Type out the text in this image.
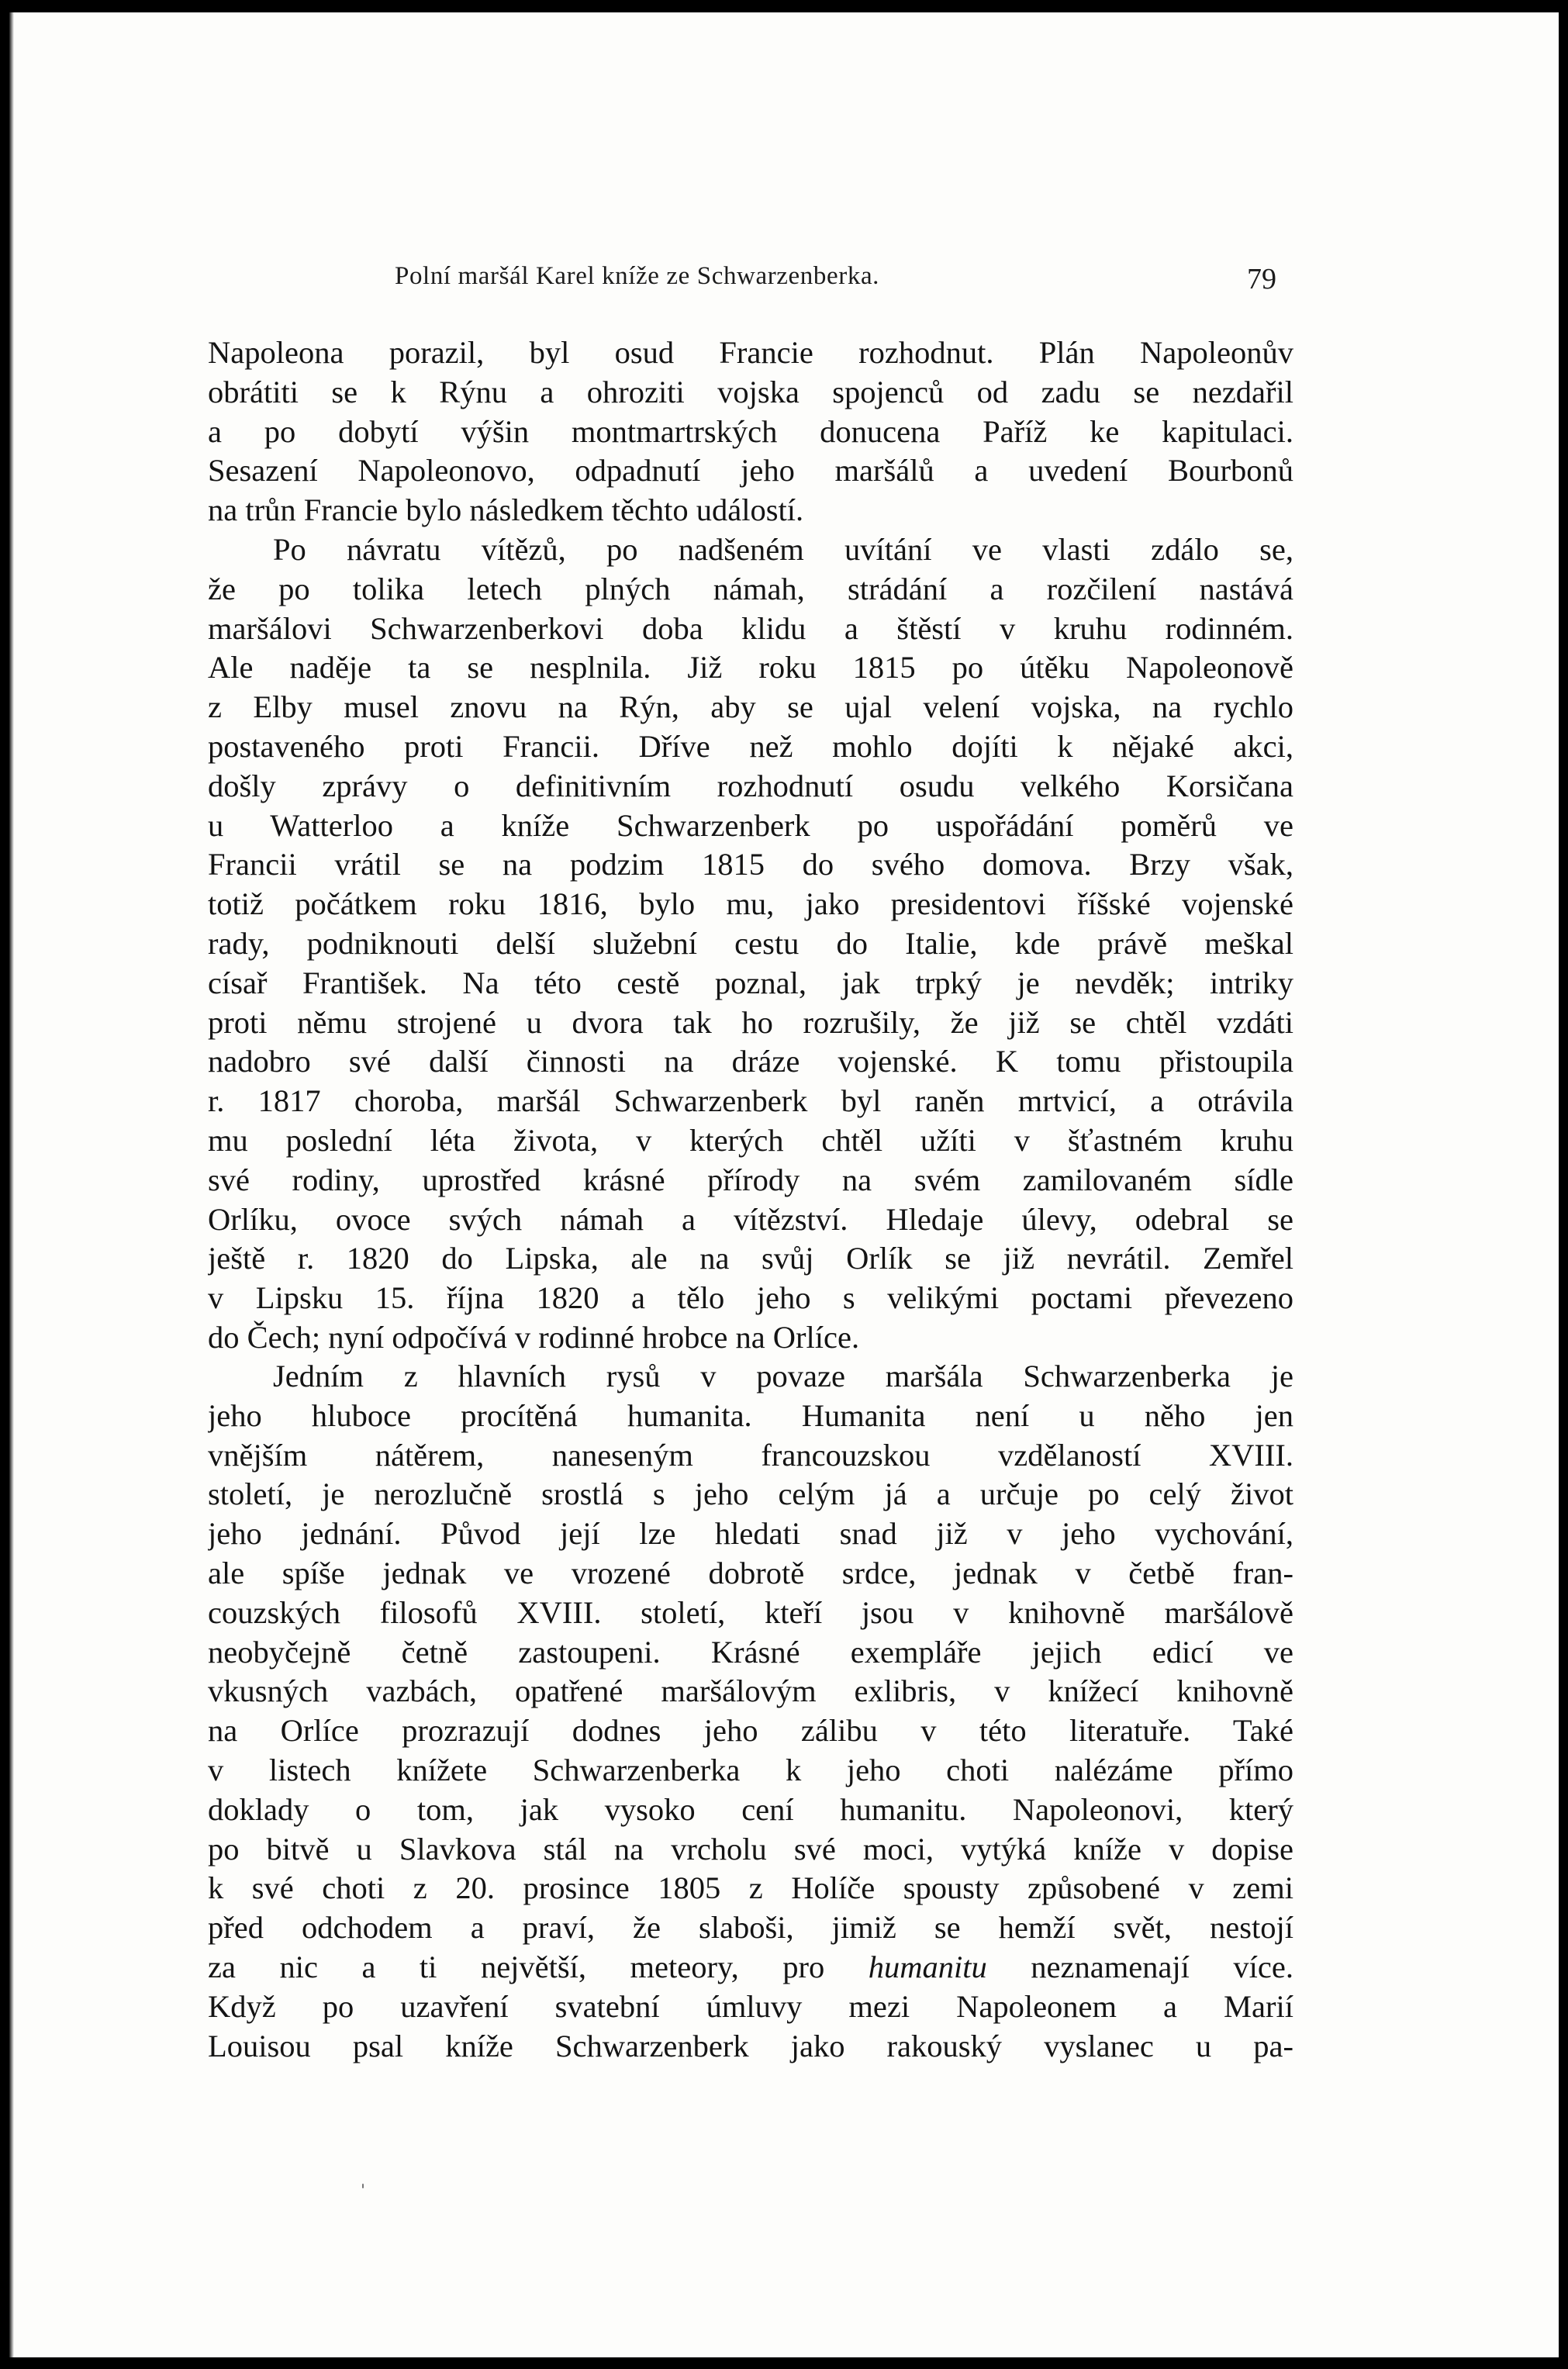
Polní maršál Karel kníže ze Schwarzenberka.	79
Napoleona porazil, byl osud Francie rozhodnut. Plán Napoleonův
obrátiti se k Rýnu a ohroziti vojska spojenců od zadu se nezdařil
a po dobytí výšin montmartrských donucena Paříž ke kapitulaci.
Sesazení Napoleonovo, odpadnutí jeho maršálů a uvedení Bourbonů
na trůn Francie bylo následkem těchto událostí.
Po návratu vítězů, po nadšeném uvítání ve vlasti zdálo se,
že po tolika letech plných námah, strádání a rozčilení nastává
maršálovi Schwarzenberkovi doba klidu a štěstí v kruhu rodinném.
Ale naděje ta se nesplnila. Již roku 1815 po útěku Napoleonově
z Elby musel znovu na Rýn, aby se ujal velení vojska, na rychlo
postaveného proti Francii. Dříve než mohlo dojíti k nějaké akci,
došly zprávy o definitivním rozhodnutí osudu velkého Korsičana
u Watterloo a kníže Schwarzenberk po uspořádání poměrů ve
Francii vrátil se na podzim 1815 do svého domova. Brzy však,
totiž počátkem roku 1816, bylo mu, jako presidentovi říšské vojenské
rady, podniknouti delší služební cestu do Italie, kde právě meškal
císař František. Na této cestě poznal, jak trpký je nevděk; intriky
proti němu strojené u dvora tak ho rozrušily, že již se chtěl vzdáti
nadobro své další činnosti na dráze vojenské. K tomu přistoupila
r. 1817 choroba, maršál Schwarzenberk byl raněn mrtvicí, a otrávila
mu poslední léta života, v kterých chtěl užíti v šťastném kruhu
své rodiny, uprostřed krásné přírody na svém zamilovaném sídle
Orlíku, ovoce svých námah a vítězství. Hledaje úlevy, odebral se
ještě r. 1820 do Lipska, ale na svůj Orlík se již nevrátil. Zemřel
v Lipsku 15. října 1820 a tělo jeho s velikými poctami převezeno
do Čech; nyní odpočívá v rodinné hrobce na Orlíce.
Jedním z hlavních rysů v povaze maršála Schwarzenberka je
jeho hluboce procítěná humanita. Humanita není u něho jen
vnějším nátěrem, naneseným francouzskou vzdělaností XVIII.
století, je nerozlučně srostlá s jeho celým já a určuje po celý život
jeho jednání. Původ její lze hledati snad již v jeho vychování,
ale spíše jednak ve vrozené dobrotě srdce, jednak v četbě fran-
couzských filosofů XVIII. století, kteří jsou v knihovně maršálově
neobyčejně četně zastoupeni. Krásné exempláře jejich edicí ve
vkusných vazbách, opatřené maršálovým exlibris, v knížecí knihovně
na Orlíce prozrazují dodnes jeho zálibu v této literatuře. Také
v listech knížete Schwarzenberka k jeho choti nalézáme přímo
doklady o tom, jak vysoko cení humanitu. Napoleonovi, který
po bitvě u Slavkova stál na vrcholu své moci, vytýká kníže v dopise
k své choti z 20. prosince 1805 z Holíče spousty způsobené v zemi
před odchodem a praví, že slaboši, jimiž se hemží svět, nestojí
za nic a ti největší, meteory, pro humanitu neznamenají více.
Když po uzavření svatební úmluvy mezi Napoleonem a Marií
Louisou psal kníže Schwarzenberk jako rakouský vyslanec u pa-
